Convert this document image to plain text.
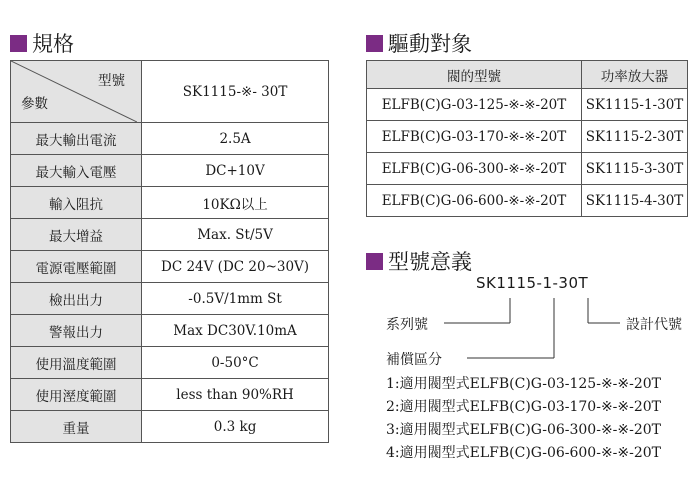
規格
型號
參數	SK1115-※- 30T
最大輸出電流	2.5A
最大輸入電壓	DC+10V
輸入阻抗	10KΩ以上
最大增益	Max. St/5V
電源電壓範圍	DC 24V (DC 20~30V)
檢出出力	-0.5V/1mm St
警報出力	Max DC30V.10mA
使用溫度範圍	0-50°C
使用溼度範圍	less than 90%RH
重量	0.3 kg
驅動對象
閥的型號	功率放大器
ELFB(C)G-03-125-※-※-20T	SK1115-1-30T
ELFB(C)G-03-170-※-※-20T	SK1115-2-30T
ELFB(C)G-06-300-※-※-20T	SK1115-3-30T
ELFB(C)G-06-600-※-※-20T	SK1115-4-30T
型號意義
SK1115-1-30T
系列號	設計代號
補償區分
1:適用閥型式ELFB(C)G-03-125-※-※-20T
2:適用閥型式ELFB(C)G-03-170-※-※-20T
3:適用閥型式ELFB(C)G-06-300-※-※-20T
4:適用閥型式ELFB(C)G-06-600-※-※-20T
